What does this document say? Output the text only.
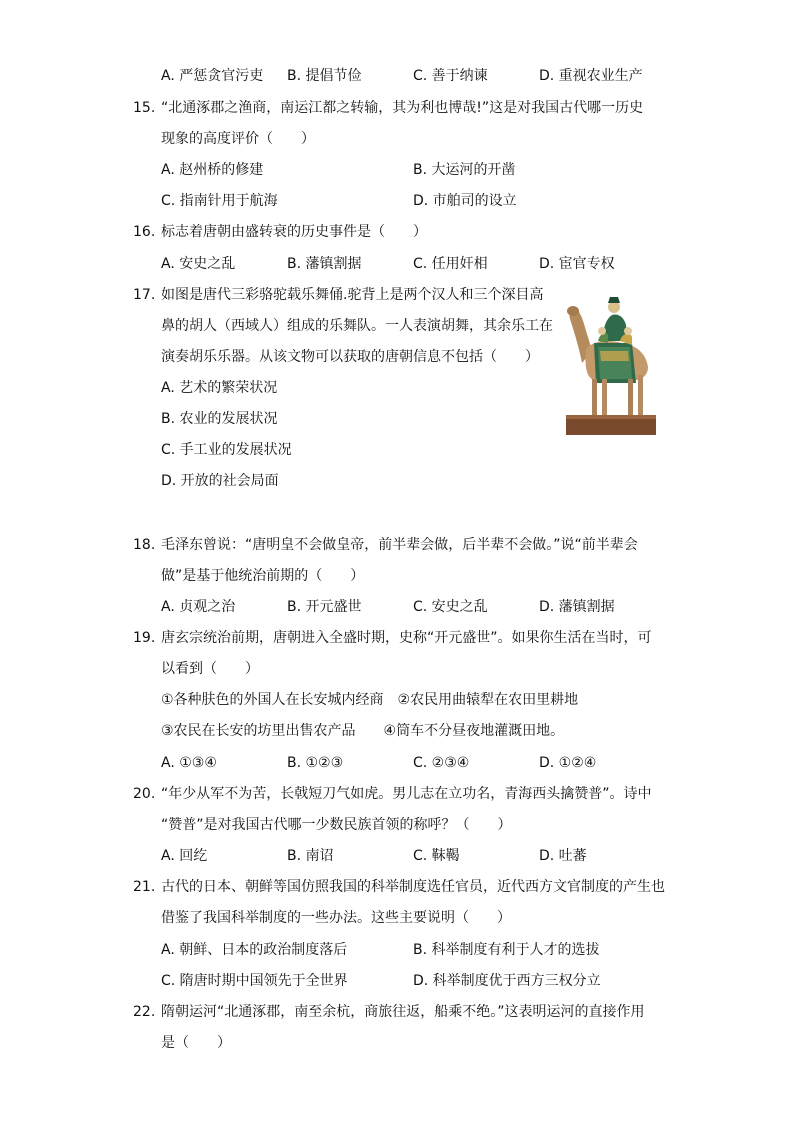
A. 严惩贪官污吏 B. 提倡节俭	C. 善于纳谏	D. 重视农业生产
15. “北通涿郡之渔商，南运江都之转输，其为利也博哉!”这是对我国古代哪一历史
现象的高度评价（　　）
A. 赵州桥的修建	B. 大运河的开凿
C. 指南针用于航海	D. 市舶司的设立
16. 标志着唐朝由盛转衰的历史事件是（　　）
A. 安史之乱	B. 藩镇割据	C. 任用奸相	D. 宦官专权
17. 如图是唐代三彩骆驼载乐舞俑.驼背上是两个汉人和三个深目高
鼻的胡人（西域人）组成的乐舞队。一人表演胡舞，其余乐工在
演奏胡乐乐器。从该文物可以获取的唐朝信息不包括（　　）
A. 艺术的繁荣状况
B. 农业的发展状况
C. 手工业的发展状况
D. 开放的社会局面
18. 毛泽东曾说：“唐明皇不会做皇帝，前半辈会做，后半辈不会做。”说“前半辈会
做”是基于他统治前期的（　　）
A. 贞观之治	B. 开元盛世	C. 安史之乱	D. 藩镇割据
19. 唐玄宗统治前期，唐朝进入全盛时期，史称“开元盛世”。如果你生活在当时，可
以看到（　　）
①各种肤色的外国人在长安城内经商　②农民用曲辕犁在农田里耕地
③农民在长安的坊里出售农产品　　④筒车不分昼夜地灌溉田地。
A. ①③④	B. ①②③	C. ②③④	D. ①②④
20. “年少从军不为苦，长戟短刀气如虎。男儿志在立功名，青海西头擒赞普”。诗中
“赞普”是对我国古代哪一少数民族首领的称呼？（　　）
A. 回纥	B. 南诏	C. 靺鞨	D. 吐蕃
21. 古代的日本、朝鲜等国仿照我国的科举制度选任官员，近代西方文官制度的产生也
借鉴了我国科举制度的一些办法。这些主要说明（　　）
A. 朝鲜、日本的政治制度落后	B. 科举制度有利于人才的选拔
C. 隋唐时期中国领先于全世界	D. 科举制度优于西方三权分立
22. 隋朝运河“北通涿郡，南至余杭，商旅往返，船乘不绝。”这表明运河的直接作用
是（　　）
